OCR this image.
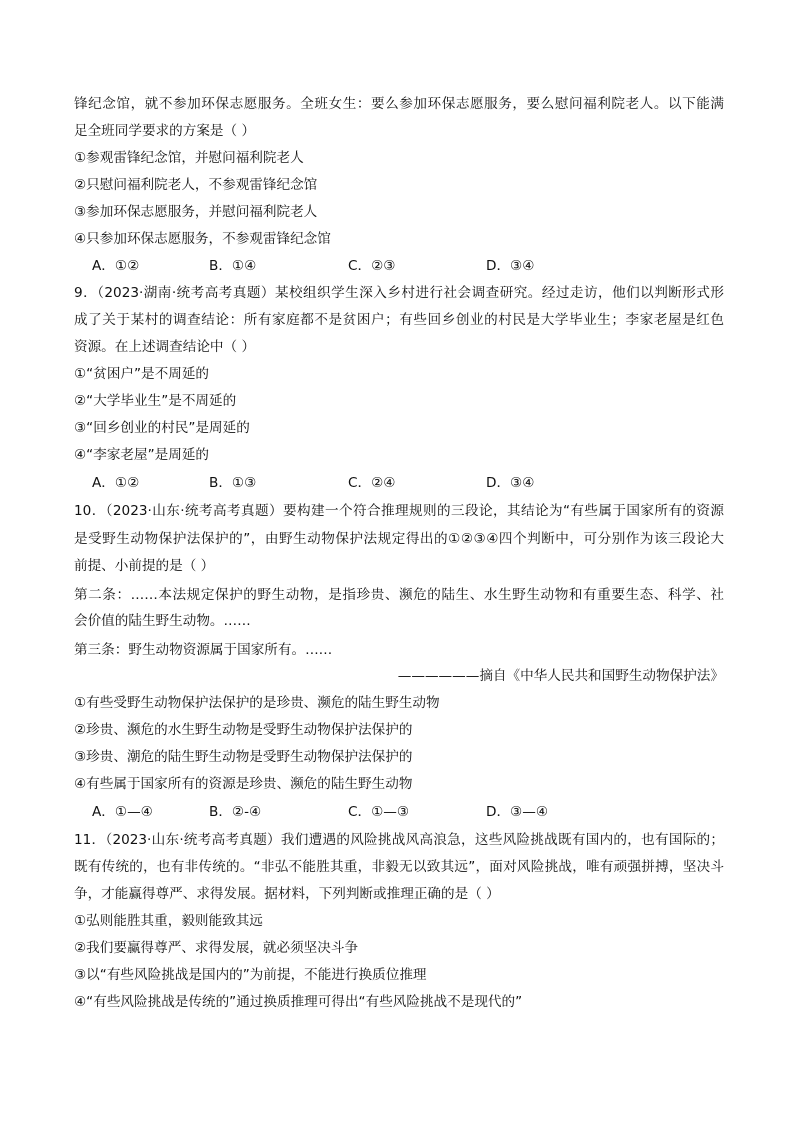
锋纪念馆，就不参加环保志愿服务。全班女生：要么参加环保志愿服务，要么慰问福利院老人。以下能满
足全班同学要求的方案是（ ）
①参观雷锋纪念馆，并慰问福利院老人
②只慰问福利院老人，不参观雷锋纪念馆
③参加环保志愿服务，并慰问福利院老人
④只参加环保志愿服务，不参观雷锋纪念馆
A．①②	B．①④	C．②③	D．③④
9．（2023·湖南·统考高考真题）某校组织学生深入乡村进行社会调查研究。经过走访，他们以判断形式形
成了关于某村的调查结论：所有家庭都不是贫困户；有些回乡创业的村民是大学毕业生；李家老屋是红色
资源。在上述调查结论中（ ）
①“贫困户”是不周延的
②“大学毕业生”是不周延的
③“回乡创业的村民”是周延的
④“李家老屋”是周延的
A．①②	B．①③	C．②④	D．③④
10．（2023·山东·统考高考真题）要构建一个符合推理规则的三段论，其结论为“有些属于国家所有的资源
是受野生动物保护法保护的”，由野生动物保护法规定得出的①②③④四个判断中，可分别作为该三段论大
前提、小前提的是（ ）
第二条：……本法规定保护的野生动物，是指珍贵、濒危的陆生、水生野生动物和有重要生态、科学、社
会价值的陆生野生动物。……
第三条：野生动物资源属于国家所有。……
——————摘自《中华人民共和国野生动物保护法》
①有些受野生动物保护法保护的是珍贵、濒危的陆生野生动物
②珍贵、濒危的水生野生动物是受野生动物保护法保护的
③珍贵、潮危的陆生野生动物是受野生动物保护法保护的
④有些属于国家所有的资源是珍贵、濒危的陆生野生动物
A．①—④	B．②-④	C．①—③	D．③—④
11．（2023·山东·统考高考真题）我们遭遇的风险挑战风高浪急，这些风险挑战既有国内的，也有国际的；
既有传统的，也有非传统的。“非弘不能胜其重，非毅无以致其远”，面对风险挑战，唯有顽强拼搏，坚决斗
争，才能赢得尊严、求得发展。据材料，下列判断或推理正确的是（ ）
①弘则能胜其重，毅则能致其远
②我们要赢得尊严、求得发展，就必须坚决斗争
③以“有些风险挑战是国内的”为前提，不能进行换质位推理
④“有些风险挑战是传统的”通过换质推理可得出“有些风险挑战不是现代的”
